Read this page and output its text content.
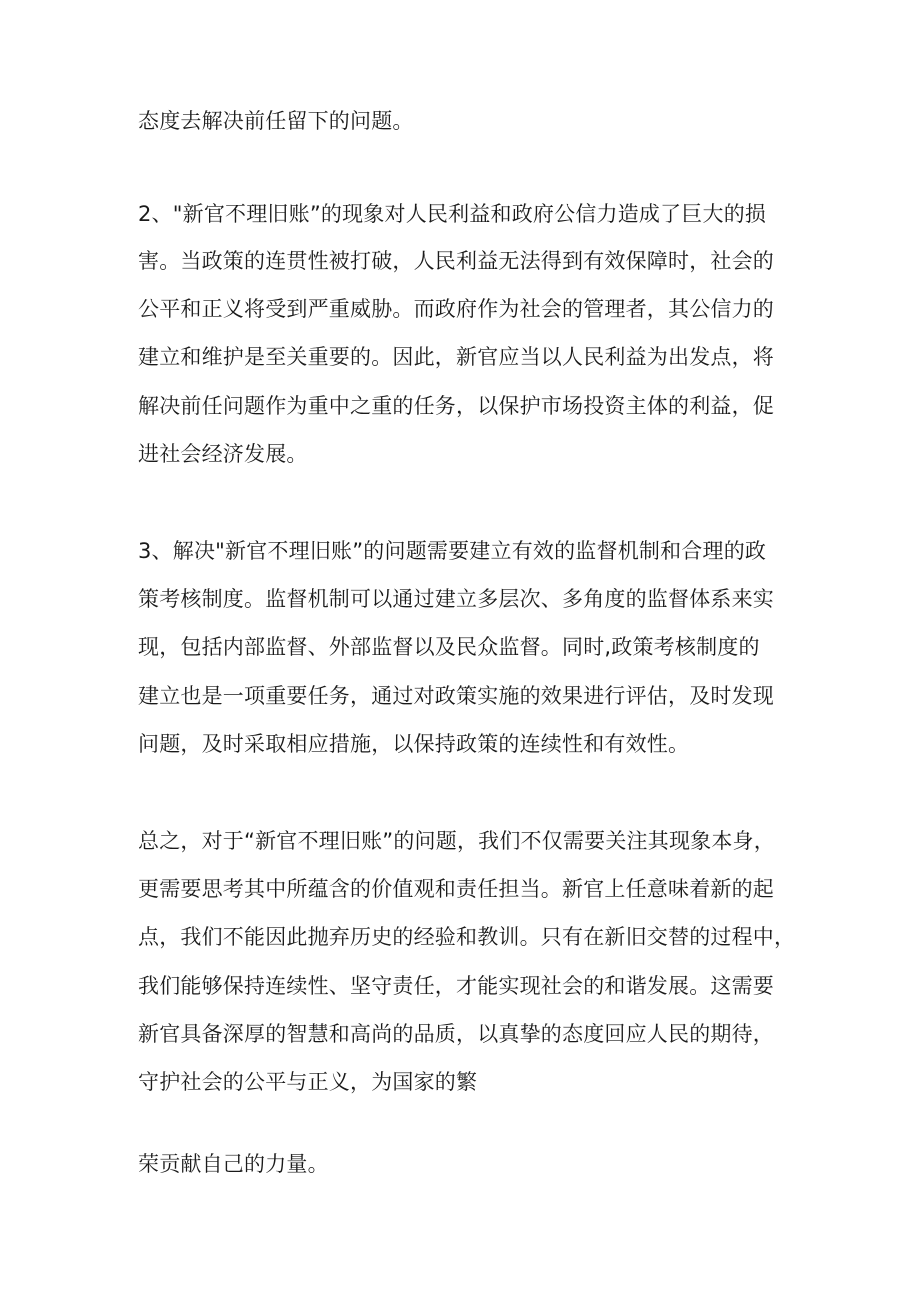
态度去解决前任留下的问题。
2、"新官不理旧账”的现象对人民利益和政府公信力造成了巨大的损
害。当政策的连贯性被打破，人民利益无法得到有效保障时，社会的
公平和正义将受到严重威胁。而政府作为社会的管理者，其公信力的
建立和维护是至关重要的。因此，新官应当以人民利益为出发点，将
解决前任问题作为重中之重的任务，以保护市场投资主体的利益，促
进社会经济发展。
3、解决"新官不理旧账”的问题需要建立有效的监督机制和合理的政
策考核制度。监督机制可以通过建立多层次、多角度的监督体系来实
现，包括内部监督、外部监督以及民众监督。同时,政策考核制度的
建立也是一项重要任务，通过对政策实施的效果进行评估，及时发现
问题，及时采取相应措施，以保持政策的连续性和有效性。
总之，对于“新官不理旧账”的问题，我们不仅需要关注其现象本身，
更需要思考其中所蕴含的价值观和责任担当。新官上任意味着新的起
点，我们不能因此抛弃历史的经验和教训。只有在新旧交替的过程中，
我们能够保持连续性、坚守责任，才能实现社会的和谐发展。这需要
新官具备深厚的智慧和高尚的品质，以真挚的态度回应人民的期待，
守护社会的公平与正义，为国家的繁
荣贡献自己的力量。
